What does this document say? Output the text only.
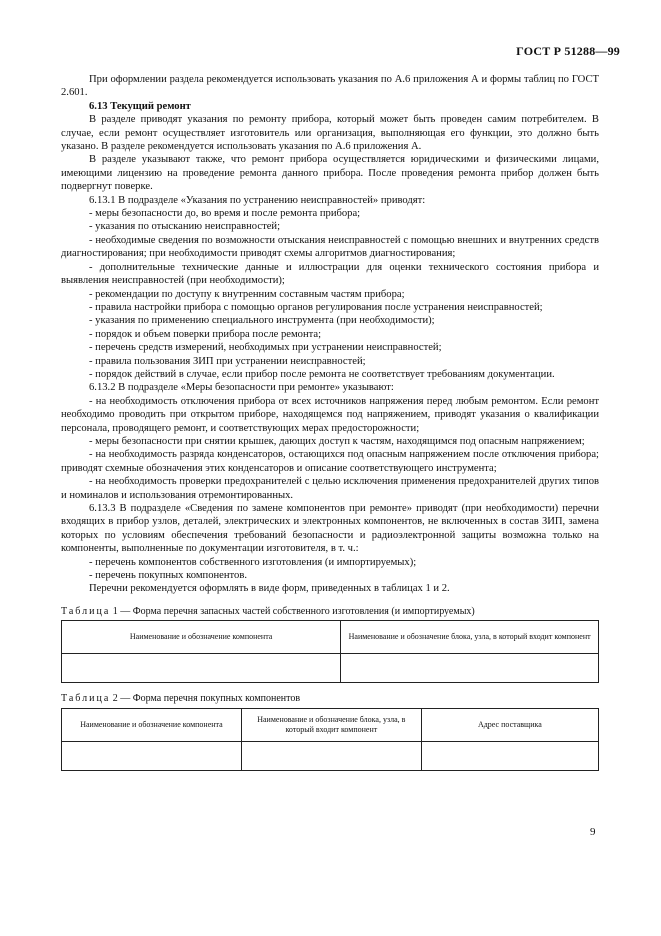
ГОСТ Р 51288—99

При оформлении раздела рекомендуется использовать указания по А.6 приложения А и формы таблиц по ГОСТ 2.601.

6.13 Текущий ремонт

В разделе приводят указания по ремонту прибора, который может быть проведен самим потребителем. В случае, если ремонт осуществляет изготовитель или организация, выполняющая его функции, это должно быть указано. В разделе рекомендуется использовать указания по А.6 приложения А.

В разделе указывают также, что ремонт прибора осуществляется юридическими и физическими лицами, имеющими лицензию на проведение ремонта данного прибора. После проведения ремонта прибор должен быть подвергнут поверке.

6.13.1 В подразделе «Указания по устранению неисправностей» приводят:

- меры безопасности до, во время и после ремонта прибора;

- указания по отысканию неисправностей;

- необходимые сведения по возможности отыскания неисправностей с помощью внешних и внутренних средств диагностирования; при необходимости приводят схемы алгоритмов диагностирования;

- дополнительные технические данные и иллюстрации для оценки технического состояния прибора и выявления неисправностей (при необходимости);

- рекомендации по доступу к внутренним составным частям прибора;

- правила настройки прибора с помощью органов регулирования после устранения неисправностей;

- указания по применению специального инструмента (при необходимости);

- порядок и объем поверки прибора после ремонта;

- перечень средств измерений, необходимых при устранении неисправностей;

- правила пользования ЗИП при устранении неисправностей;

- порядок действий в случае, если прибор после ремонта не соответствует требованиям документации.

6.13.2 В подразделе «Меры безопасности при ремонте» указывают:

- на необходимость отключения прибора от всех источников напряжения перед любым ремонтом. Если ремонт необходимо проводить при открытом приборе, находящемся под напряжением, приводят указания о квалификации персонала, проводящего ремонт, и соответствующих мерах предосторожности;

- меры безопасности при снятии крышек, дающих доступ к частям, находящимся под опасным напряжением;

- на необходимость разряда конденсаторов, остающихся под опасным напряжением после отключения прибора; приводят схемные обозначения этих конденсаторов и описание соответствующего инструмента;

- на необходимость проверки предохранителей с целью исключения применения предохранителей других типов и номиналов и использования отремонтированных.

6.13.3 В подразделе «Сведения по замене компонентов при ремонте» приводят (при необходимости) перечни входящих в прибор узлов, деталей, электрических и электронных компонентов, не включенных в состав ЗИП, замена которых по условиям обеспечения требований безопасности и радиоэлектронной защиты возможна только на компоненты, выполненные по документации изготовителя, в т. ч.:

- перечень компонентов собственного изготовления (и импортируемых);

- перечень покупных компонентов.

Перечни рекомендуется оформлять в виде форм, приведенных в таблицах 1 и 2.

Таблица 1 — Форма перечня запасных частей собственного изготовления (и импортируемых)

Наименование и обозначение компонента	Наименование и обозначение блока, узла, в который входит компонент

Таблица 2 — Форма перечня покупных компонентов

Наименование и обозначение компонента	Наименование и обозначение блока, узла, в который входит компонент	Адрес поставщика

9
